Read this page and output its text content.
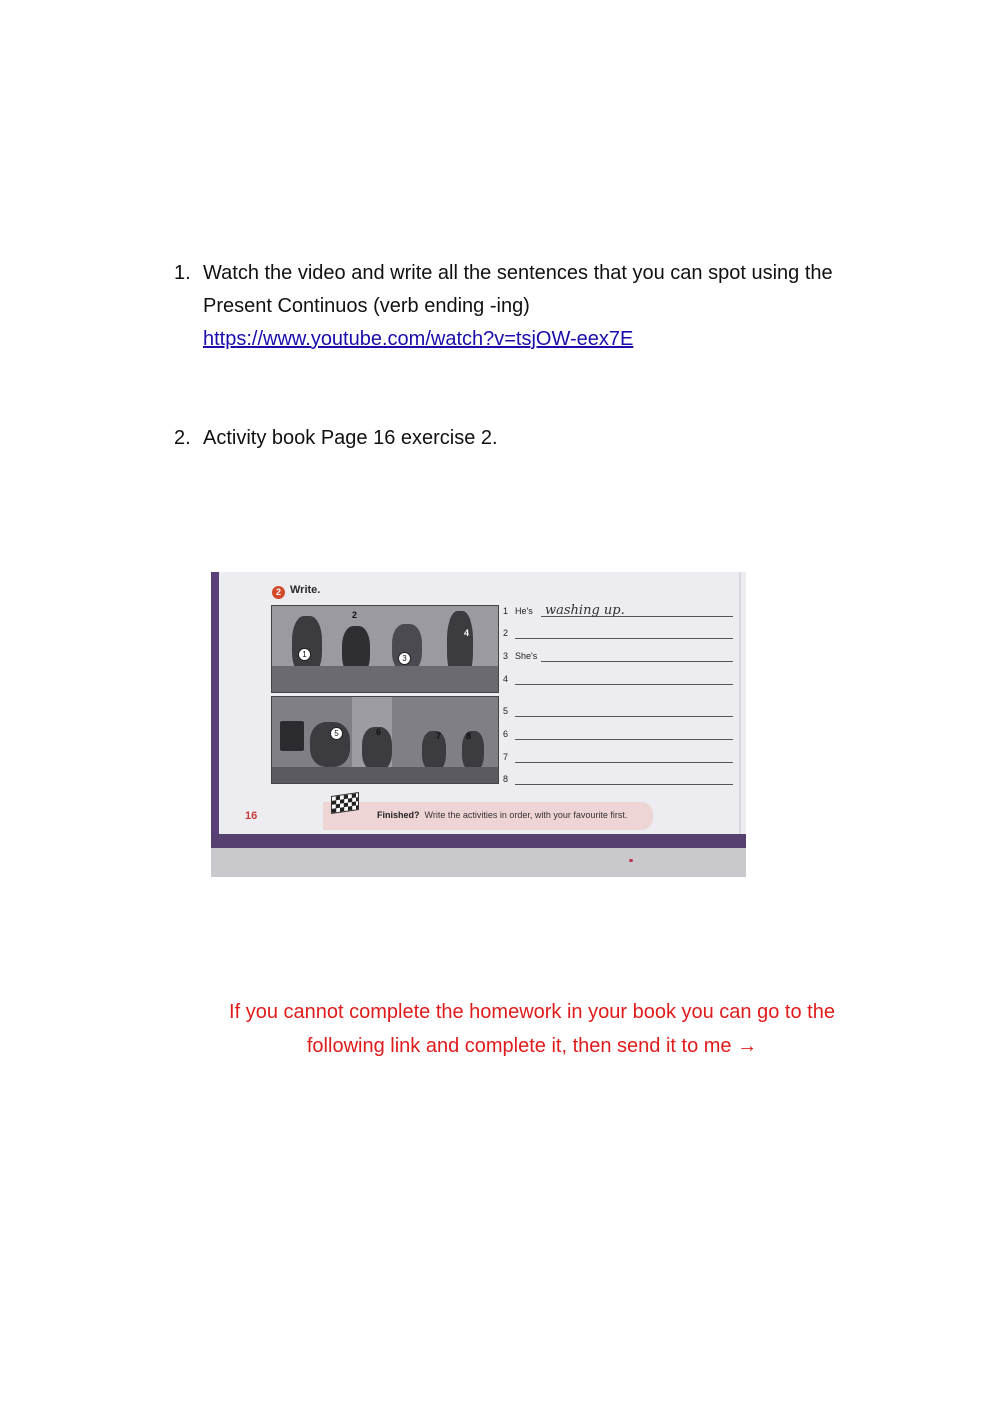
1. Watch the video and write all the sentences that you can spot using the Present Continuos (verb ending -ing)
https://www.youtube.com/watch?v=tsjOW-eex7E
2. Activity book Page 16 exercise 2.
2 Write.
1
2
3
4
5	6	7	8
1 He's washing up.
2
3 She's
4
5
6
7
8
16	Finished? Write the activities in order, with your favourite first.
If you cannot complete the homework in your book you can go to the following link and complete it, then send it to me →
